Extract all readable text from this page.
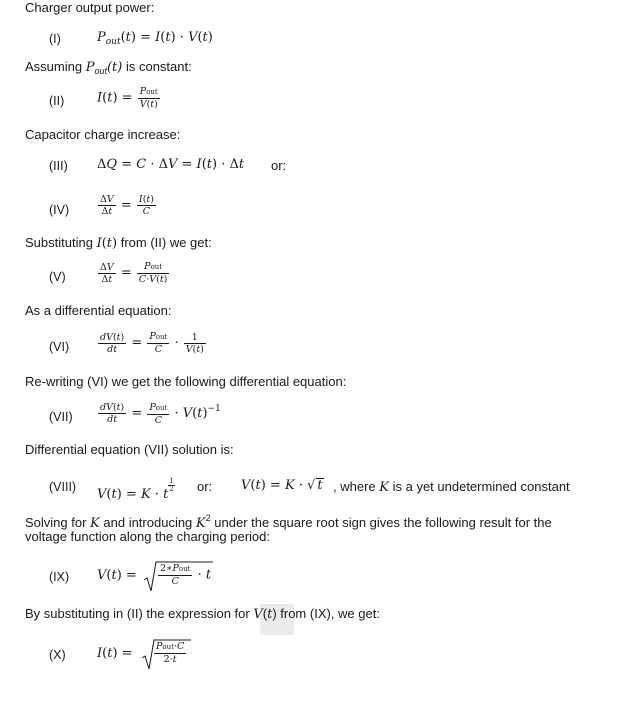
Charger output power:
(I)	$P_{out}(t) = I(t) \cdot V(t)$
Assuming $P_{out}(t)$ is constant:
(II)	$I(t) = \frac{\text{Pout}}{V(t)}$
Capacitor charge increase:
(III) ΔQ = C · ΔV = I(t) · Δt or:
(IV)	$\frac{\Delta V}{\Delta t} = \frac{I(t)}{C}$
Substituting I(t) from (II) we get:
(V)	$\frac{\Delta V}{\Delta t} = \frac{\text{Pout}}{C\cdot V(t)}$
As a differential equation:
(VI)	$\frac{dV(t)}{dt} = \frac{\text{Pout}}{C} \cdot \frac{1}{V(t)}$
Re-writing (VI) we get the following differential equation:
(VII)	$\frac{dV(t)}{dt} = \frac{\text{Pout}}{C} \cdot V(t)^{-1}$
Differential equation (VII) solution is:
(VIII) V(t) = K · t
$\frac{1}{2}$ or: V(t) = K · √ t , where K is a yet undetermined constant
Solving for K and introducing $K^2$ under the square root sign gives the following result for the
voltage function along the charging period:
(IX) $V(t) = \frac{\text{2∗Pout}}{C} \cdot t$
By substituting in (II) the expression for V(t) from (IX), we get:
(X) $I(t) = \frac{\text{Pout·C}}{2\cdot t}$
